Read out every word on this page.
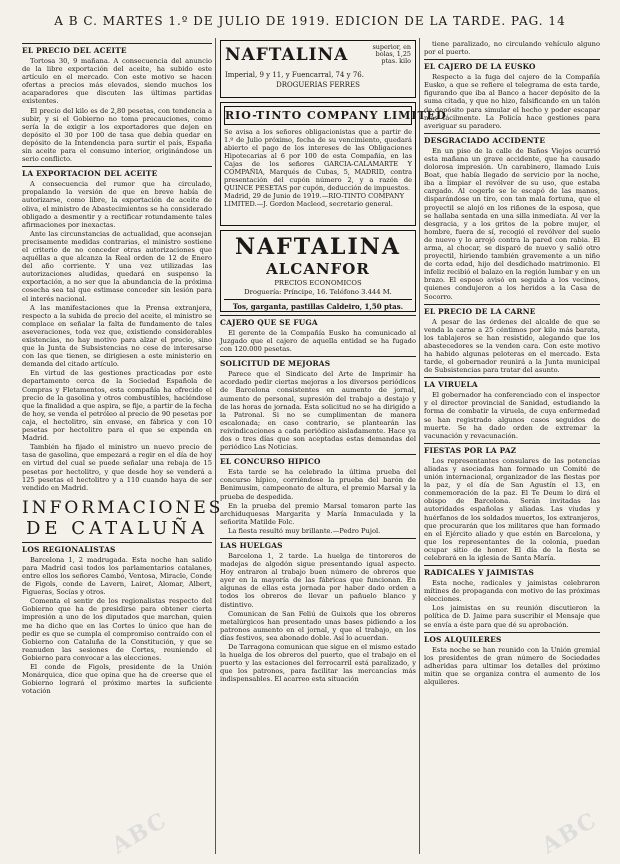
A B C. MARTES 1.º DE JULIO DE 1919. EDICION DE LA TARDE. PAG. 14
EL PRECIO DEL ACEITE
Tortosa 30, 9 mañana. A consecuencia del anuncio de la libre exportación del aceite, ha subido este artículo en el mercado. Con este motivo se hacen ofertas a precios más elevados, siendo muchos los acaparadores que discuten las últimas partidas existentes.
El precio del kilo es de 2,80 pesetas, con tendencia a subir, y si el Gobierno no toma precauciones, como sería la de exigir a los exportadores que dejen en depósito el 30 por 100 de tasa que debía quedar en depósito de la Intendencia para surtir el país, España sin aceite para el consumo interior, originándose un serio conflicto.
LA EXPORTACION DEL ACEITE
A consecuencia del rumor que ha circulado, propalando la versión de que en breve había de autorizarse, como libre, la exportación de aceite de oliva, el ministro de Abastecimientos se ha considerado obligado a desmentir y a rectificar rotundamente tales afirmaciones por inexactas.
Ante las circunstancias de actualidad, que aconsejan precisamente medidas contrarias, el ministro sostiene el criterio de no conceder otras autorizaciones que aquéllas a que alcanza la Real orden de 12 de Enero del año corriente. Y una vez utilizadas las autorizaciones aludidas, quedará en suspenso la exportación, a no ser que la abundancia de la próxima cosecha sea tal que estimase conceder sin lesión para el interés nacional.
A las manifestaciones que la Prensa extranjera, respecto a la subida de precio del aceite, el ministro se complace en señalar la falta de fundamento de tales aseveraciones, toda vez que, existiendo considerables existencias, no hay motivo para alzar el precio, sino que la Junta de Subsistencias no cese de interesarse con las que tienen, se dirigiesen a este ministerio en demanda del citado artículo.
En virtud de las gestiones practicadas por este departamento cerca de la Sociedad Española de Compras y Fletamentos, esta compañía ha ofrecido el precio de la gasolina y otros combustibles, haciéndose que la finalidad a que aspira, se fije, a partir de la fecha de hoy, se venda el petróleo al precio de 90 pesetas por caja, el hectolitro, sin envase, en fábrica y con 10 pesetas por hectolitro para el que se expenda en Madrid.
También ha fijado el ministro un nuevo precio de tasa de gasolina, que empezará a regir en el día de hoy en virtud del cual se puede señalar una rebaja de 15 pesetas por hectolitro, y que desde hoy se venderá a 125 pesetas el hectolitro y a 110 cuando haya de ser vendido en Madrid.
INFORMACIONES
DE CATALUÑA
LOS REGIONALISTAS
Barcelona 1, 2 madrugada. Esta noche han salido para Madrid casi todos los parlamentarios catalanes, entre ellos los señores Cambó, Ventosa, Miracle, Conde de Figols, conde de Lavern, Lairet, Alomar, Albert, Figueras, Socías y otros.
Comenta el sentir de los regionalistas respecto del Gobierno que ha de presidirse para obtener cierta impresión a uno de los diputados que marchan, quien me ha dicho que en las Cortes lo único que han de pedir es que se cumpla el compromiso contraído con el Gobierno con Cataluña de la Constitución, y que se reanuden las sesiones de Cortes, reuniendo el Gobierno para convocar a las elecciones.
El conde de Figols, presidente de la Unión Monárquica, dice que opina que ha de creerse que el Gobierno logrará el próximo martes la suficiente votación
NAFTALINA	superior, en
bolas, 1,25
ptas. kilo
Imperial, 9 y 11, y Fuencarral, 74 y 76.
DROGUERIAS FERRES
RIO-TINTO COMPANY LIMITED
Se avisa a los señores obligacionistas que a partir de 1.º de Julio próximo, fecha de su vencimiento, quedará abierto el pago de los intereses de las Obligaciones Hipotecarias al 6 por 100 de esta Compañía, en las Cajas de los señores GARCIA-CALAMARTE Y COMPAÑIA, Marqués de Cubas, 5, MADRID, contra presentación del cupón número 2, y a razón de QUINCE PESETAS por cupón, deducción de impuestos.
Madrid, 29 de Junio de 1919.—RIO-TINTO COMPANY LIMITED.—J. Gordon Macleod, secretario general.
NAFTALINA
ALCANFOR
PRECIOS ECONOMICOS
Droguería: Príncipe, 16. Teléfono 3.444 M.
Tos, garganta, pastillas Caldeiro, 1,50 ptas.
CAJERO QUE SE FUGA
El gerente de la Compañía Eusko ha comunicado al Juzgado que el cajero de aquella entidad se ha fugado con 120.000 pesetas.
SOLICITUD DE MEJORAS
Parece que el Sindicato del Arte de Imprimir ha acordado pedir ciertas mejoras a los diversos periódicos de Barcelona consistentes en aumento de jornal, aumento de personal, supresión del trabajo a destajo y de las horas de jornada. Esta solicitud no se ha dirigido a la Patronal. Si no se cumplimentan de manera escalonada; en caso contrario, se plantearán las reivindicaciones a cada periódico aisladamente. Hace ya dos o tres días que son aceptadas estas demandas del periódico Las Noticias.
EL CONCURSO HIPICO
Esta tarde se ha celebrado la última prueba del concurso hípico, corriéndose la prueba del barón de Benimusim, campeonato de altura, el premio Marsal y la prueba de despedida.
En la prueba del premio Marsal tomaron parte las archiduquesas Margarita y María Inmaculada y la señorita Matilde Folc.
La fiesta resultó muy brillante.—Pedro Pujol.
LAS HUELGAS
Barcelona 1, 2 tarde. La huelga de tintoreros de madejas de algodón sigue presentando igual aspecto. Hoy entraron al trabajo buen número de obreros que ayer en la mayoría de las fábricas que funcionan. En algunas de ellas esta jornada por haber dado orden a todos los obreros de llevar un pañuelo blanco y distintivo.
Comunican de San Feliú de Guixols que los obreros metalúrgicos han presentado unas bases pidiendo a los patronos aumento en el jornal, y que el trabajo, en los días festivos, sea abonado doble. Así lo acuerdan.
De Tarragona comunican que sigue en el mismo estado la huelga de los obreros del puerto, que el trabajo en el puerto y las estaciones del ferrocarril está paralizado, y que los patronos, para facilitar las mercancías más indispensables. El acarreo esta situación
tiene paralizado, no circulando vehículo alguno por el puerto.
EL CAJERO DE LA EUSKO
Respecto a la fuga del cajero de la Compañía Eusko, a que se refiere el telegrama de esta tarde, figurando que iba al Banco a hacer depósito de la suma citada, y que no hizo, falsificando en un talón de depósito para simular el hecho y poder escapar más fácilmente. La Policía hace gestiones para averiguar su paradero.
DESGRACIADO ACCIDENTE
En un piso de la calle de Baños Viejos ocurrió esta mañana un grave accidente, que ha causado dolorosa impresión. Un carabinero, llamado Luis Boat, que había llegado de servicio por la noche, iba a limpiar el revólver de su uso, que estaba cargado. Al cogerle se le escapó de las manos, disparándose un tiro, con tan mala fortuna, que el proyectil se alojó en los riñones de la esposa, que se hallaba sentada en una silla inmediata. Al ver la desgracia, y a los gritos de la pobre mujer, el hombre, fuera de sí, recogió el revólver del suelo de nuevo y lo arrojó contra la pared con rabia. El arma, al chocar, se disparó de nuevo y salió otro proyectil, hiriendo también gravemente a un niño de corta edad, hijo del desdichado matrimonio. El infeliz recibió el balazo en la región lumbar y en un brazo. El esposo avisó en seguida a los vecinos, quienes condujeron a los heridos a la Casa de Socorro.
EL PRECIO DE LA CARNE
A pesar de las órdenes del alcalde de que se venda la carne a 25 céntimos por kilo más barata, los tablajeros se han resistido, alegando que los abastecedores se la venden cara. Con este motivo ha habido algunas peloteras en el mercado. Esta tarde, el gobernador reunirá a la Junta municipal de Subsistencias para tratar del asunto.
LA VIRUELA
El gobernador ha conferenciado con el inspector y el director provincial de Sanidad, estudiando la forma de combatir la viruela, de cuya enfermedad se han registrado algunos casos seguidos de muerte. Se ha dado orden de extremar la vacunación y revacunación.
FIESTAS POR LA PAZ
Los representantes consulares de las potencias aliadas y asociadas han formado un Comité de unión internacional, organizador de las fiestas por la paz, y el día de San Agustín el 13, en conmemoración de la paz. El Te Deum lo dirá el obispo de Barcelona. Serán invitadas las autoridades españolas y aliadas. Las viudas y huérfanos de los soldados muertos, los extranjeros, que procurarán que los militares que han formado en el Ejército aliado y que estén en Barcelona, y que los representantes de la colonia, puedan ocupar sitio de honor. El día de la fiesta se celebrará en la iglesia de Santa María.
RADICALES Y JAIMISTAS
Esta noche, radicales y jaimistas celebraron mítines de propaganda con motivo de las próximas elecciones.
Los jaimistas en su reunión discutieron la política de D. Jaime para suscribir el Mensaje que se envía a éste para que dé su aprobación.
LOS ALQUILERES
Esta noche se han reunido con la Unión gremial los presidentes de gran número de Sociedades adheridas para ultimar los detalles del próximo mitin que se organiza contra el aumento de los alquileres.
ABC	ABC
